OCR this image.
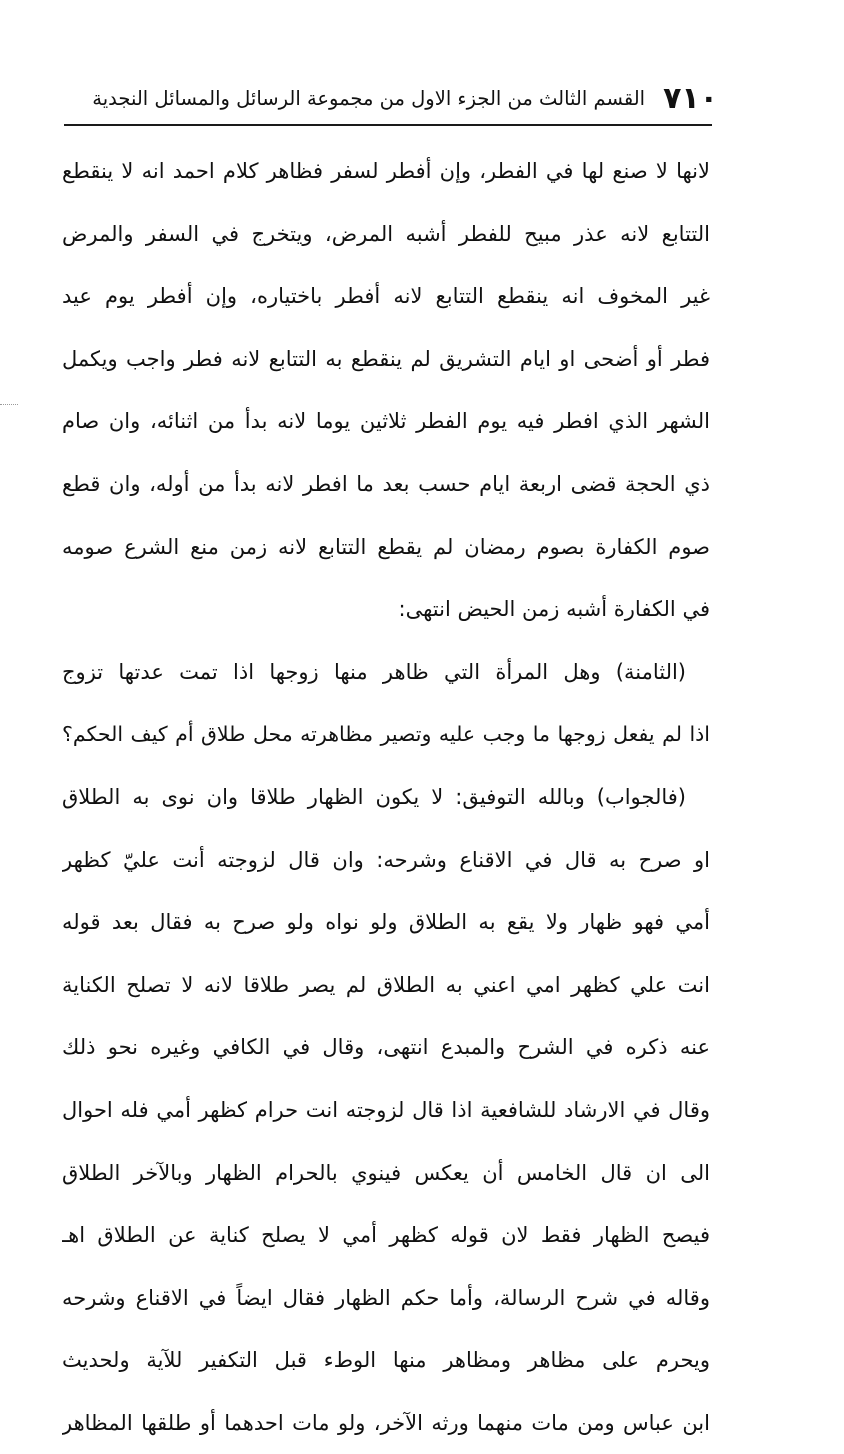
٧١٠
القسم الثالث من الجزء الاول من مجموعة الرسائل والمسائل النجدية
لانها لا صنع لها في الفطر، وإن أفطر لسفر فظاهر كلام احمد انه لا ينقطع
التتابع لانه عذر مبيح للفطر أشبه المرض، ويتخرج في السفر والمرض
غير المخوف انه ينقطع التتابع لانه أفطر باختياره، وإن أفطر يوم عيد
فطر أو أضحى او ايام التشريق لم ينقطع به التتابع لانه فطر واجب ويكمل
الشهر الذي افطر فيه يوم الفطر ثلاثين يوما لانه بدأ من اثنائه، وان صام
ذي الحجة قضى اربعة ايام حسب بعد ما افطر لانه بدأ من أوله، وان قطع
صوم الكفارة بصوم رمضان لم يقطع التتابع لانه زمن منع الشرع صومه
في الكفارة أشبه زمن الحيض انتهى:
(الثامنة) وهل المرأة التي ظاهر منها زوجها اذا تمت عدتها تزوج
اذا لم يفعل زوجها ما وجب عليه وتصير مظاهرته محل طلاق أم كيف الحكم؟
(فالجواب) وبالله التوفيق: لا يكون الظهار طلاقا وان نوى به الطلاق
او صرح به قال في الاقناع وشرحه: وان قال لزوجته أنت عليّ كظهر
أمي فهو ظهار ولا يقع به الطلاق ولو نواه ولو صرح به فقال بعد قوله
انت علي كظهر امي اعني به الطلاق لم يصر طلاقا لانه لا تصلح الكناية
عنه ذكره في الشرح والمبدع انتهى، وقال في الكافي وغيره نحو ذلك
وقال في الارشاد للشافعية اذا قال لزوجته انت حرام كظهر أمي فله احوال
الى ان قال الخامس أن يعكس فينوي بالحرام الظهار وبالآخر الطلاق
فيصح الظهار فقط لان قوله كظهر أمي لا يصلح كناية عن الطلاق اهـ
وقاله في شرح الرسالة، وأما حكم الظهار فقال ايضاً في الاقناع وشرحه
ويحرم على مظاهر ومظاهر منها الوطء قبل التكفير للآية ولحديث
ابن عباس ومن مات منهما ورثه الآخر، ولو مات احدهما أو طلقها المظاهر
